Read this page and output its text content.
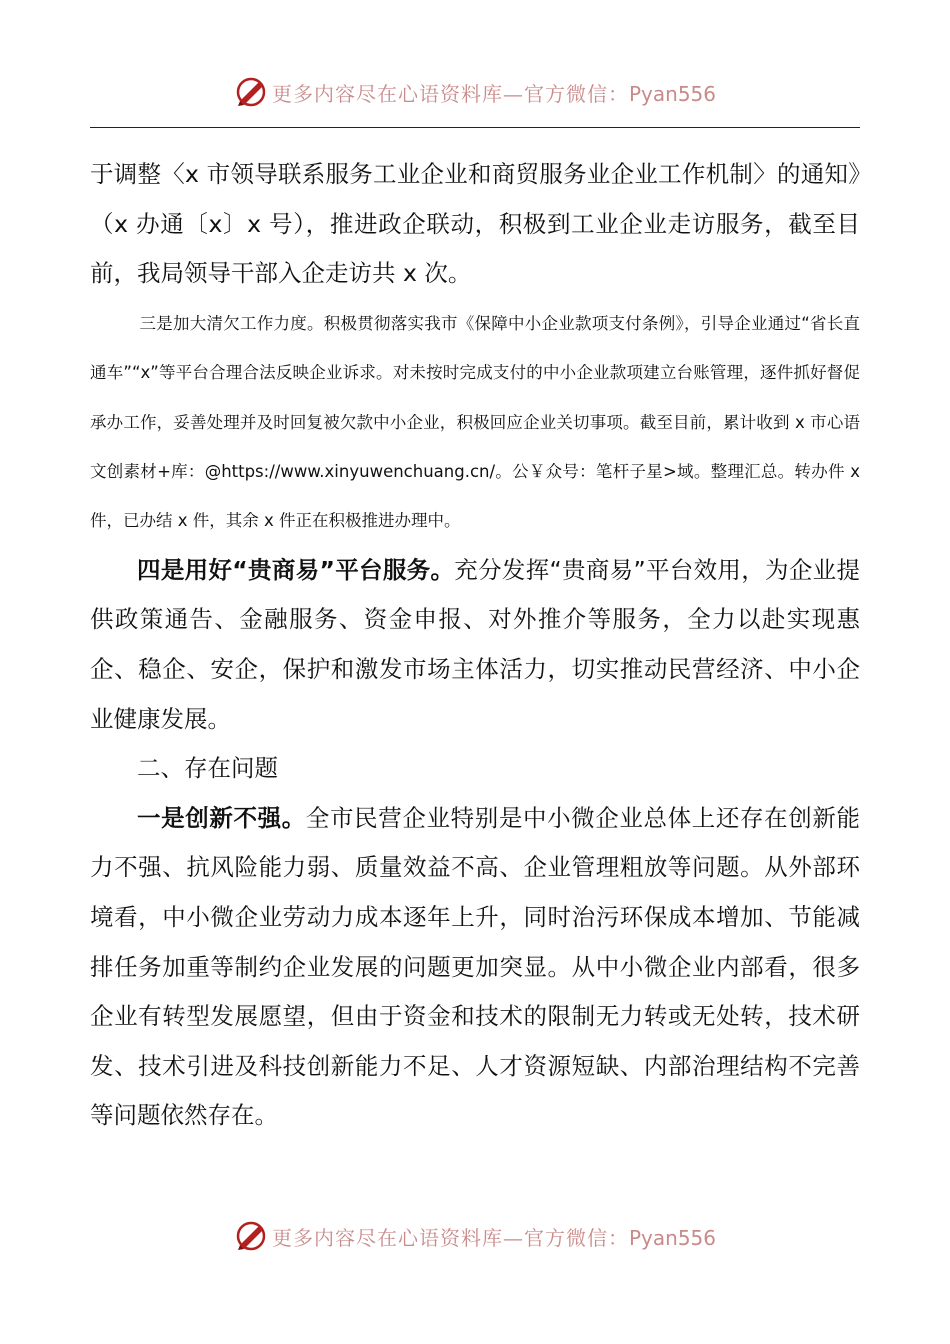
更多内容尽在心语资料库—官方微信：Pyan556

于调整〈x 市领导联系服务工业企业和商贸服务业企业工作机制〉的通知》（x 办通〔x〕x 号），推进政企联动，积极到工业企业走访服务，截至目前，我局领导干部入企走访共 x 次。

三是加大清欠工作力度。积极贯彻落实我市《保障中小企业款项支付条例》，引导企业通过“省长直通车”“x”等平台合理合法反映企业诉求。对未按时完成支付的中小企业款项建立台账管理，逐件抓好督促承办工作，妥善处理并及时回复被欠款中小企业，积极回应企业关切事项。截至目前，累计收到 x 市心语文创素材+库：@https://www.xinyuwenchuang.cn/。公￥众号：笔杆子星>域。整理汇总。转办件 x 件，已办结 x 件，其余 x 件正在积极推进办理中。

四是用好“贵商易”平台服务。充分发挥“贵商易”平台效用，为企业提供政策通告、金融服务、资金申报、对外推介等服务，全力以赴实现惠企、稳企、安企，保护和激发市场主体活力，切实推动民营经济、中小企业健康发展。

二、存在问题

一是创新不强。全市民营企业特别是中小微企业总体上还存在创新能力不强、抗风险能力弱、质量效益不高、企业管理粗放等问题。从外部环境看，中小微企业劳动力成本逐年上升，同时治污环保成本增加、节能减排任务加重等制约企业发展的问题更加突显。从中小微企业内部看，很多企业有转型发展愿望，但由于资金和技术的限制无力转或无处转，技术研发、技术引进及科技创新能力不足、人才资源短缺、内部治理结构不完善等问题依然存在。

更多内容尽在心语资料库—官方微信：Pyan556
